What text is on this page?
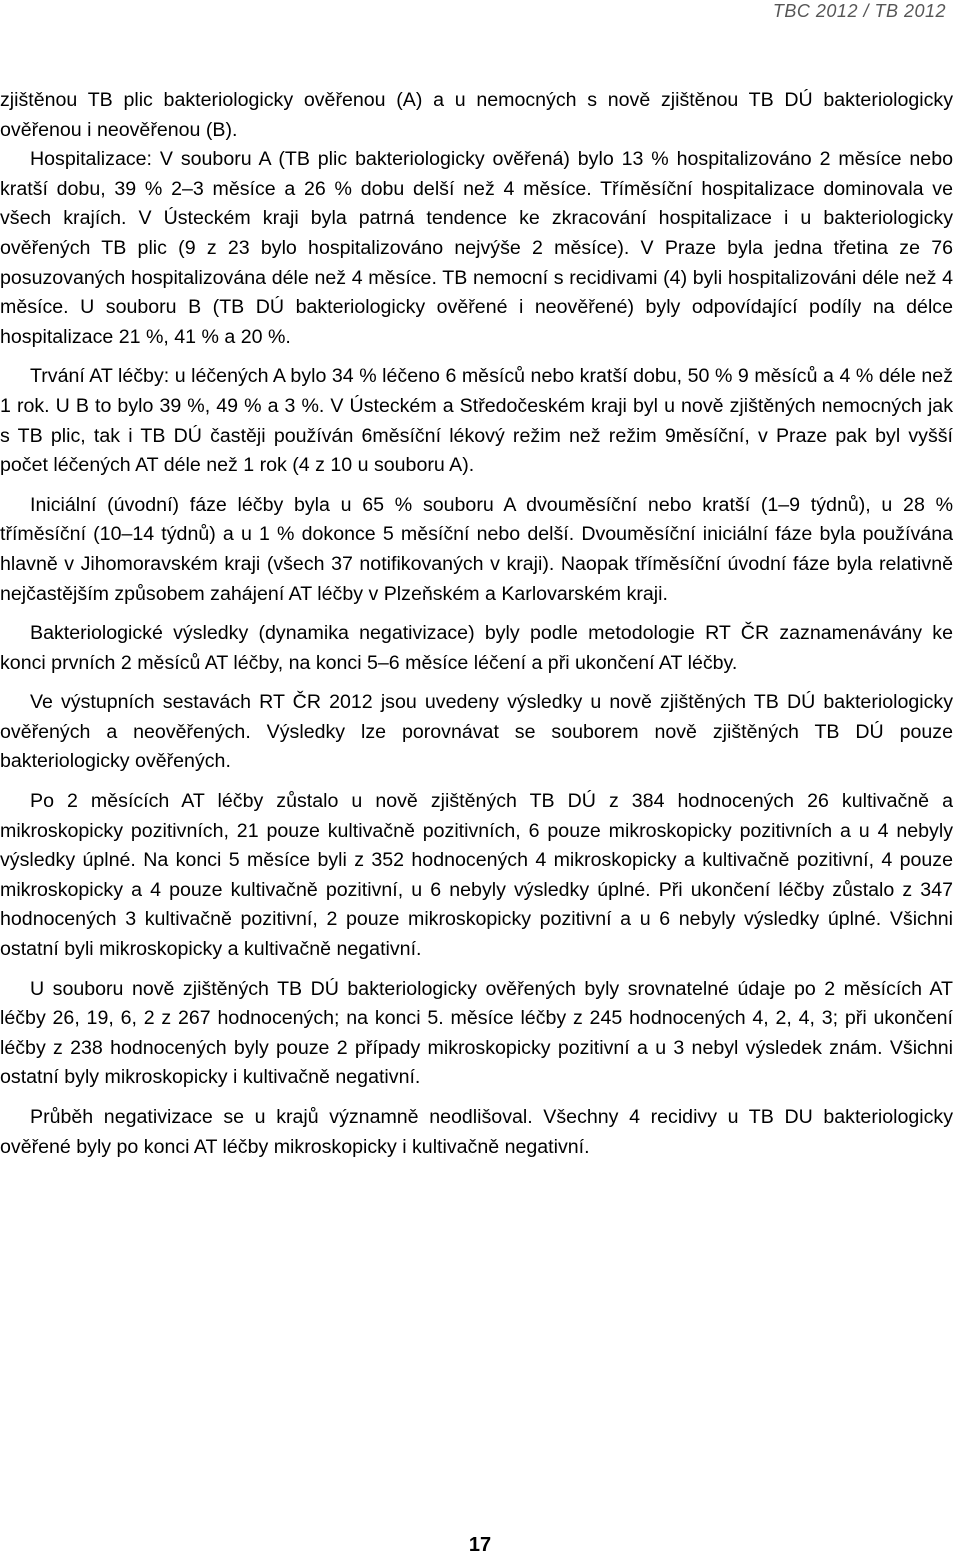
TBC 2012 / TB 2012

zjištěnou TB plic bakteriologicky ověřenou (A) a u nemocných s nově zjištěnou TB DÚ bakteriologicky ověřenou i neověřenou (B).

Hospitalizace: V souboru A (TB plic bakteriologicky ověřená) bylo 13 % hospitalizováno 2 měsíce nebo kratší dobu, 39 % 2–3 měsíce a 26 % dobu delší než 4 měsíce. Tříměsíční hospitalizace dominovala ve všech krajích. V Ústeckém kraji byla patrná tendence ke zkracování hospitalizace i u bakteriologicky ověřených TB plic (9 z 23 bylo hospitalizováno nejvýše 2 měsíce). V Praze byla jedna třetina ze 76 posuzovaných hospitalizována déle než 4 měsíce. TB nemocní s recidivami (4) byli hospitalizováni déle než 4 měsíce. U souboru B (TB DÚ bakteriologicky ověřené i neověřené) byly odpovídající podíly na délce hospitalizace 21 %, 41 % a 20 %.

Trvání AT léčby: u léčených A bylo 34 % léčeno 6 měsíců nebo kratší dobu, 50 % 9 měsíců a 4 % déle než 1 rok. U B to bylo 39 %, 49 % a 3 %. V Ústeckém a Středočeském kraji byl u nově zjištěných nemocných jak s TB plic, tak i TB DÚ častěji používán 6měsíční lékový režim než režim 9měsíční, v Praze pak byl vyšší počet léčených AT déle než 1 rok (4 z 10 u souboru A).

Iniciální (úvodní) fáze léčby byla u 65 % souboru A dvouměsíční nebo kratší (1–9 týdnů), u 28 % tříměsíční (10–14 týdnů) a u 1 % dokonce 5 měsíční nebo delší. Dvouměsíční iniciální fáze byla používána hlavně v Jihomoravském kraji (všech 37 notifikovaných v kraji). Naopak tříměsíční úvodní fáze byla relativně nejčastějším způsobem zahájení AT léčby v Plzeňském a Karlovarském kraji.

Bakteriologické výsledky (dynamika negativizace) byly podle metodologie RT ČR zaznamenávány ke konci prvních 2 měsíců AT léčby, na konci 5–6 měsíce léčení a při ukončení AT léčby.

Ve výstupních sestavách RT ČR 2012 jsou uvedeny výsledky u nově zjištěných TB DÚ bakteriologicky ověřených a neověřených. Výsledky lze porovnávat se souborem nově zjištěných TB DÚ pouze bakteriologicky ověřených.

Po 2 měsících AT léčby zůstalo u nově zjištěných TB DÚ z 384 hodnocených 26 kultivačně a mikroskopicky pozitivních, 21 pouze kultivačně pozitivních, 6 pouze mikroskopicky pozitivních a u 4 nebyly výsledky úplné. Na konci 5 měsíce byli z 352 hodnocených 4 mikroskopicky a kultivačně pozitivní, 4 pouze mikroskopicky a 4 pouze kultivačně pozitivní, u 6 nebyly výsledky úplné. Při ukončení léčby zůstalo z 347 hodnocených 3 kultivačně pozitivní, 2 pouze mikroskopicky pozitivní a u 6 nebyly výsledky úplné. Všichni ostatní byli mikroskopicky a kultivačně negativní.

U souboru nově zjištěných TB DÚ bakteriologicky ověřených byly srovnatelné údaje po 2 měsících AT léčby 26, 19, 6, 2 z 267 hodnocených; na konci 5. měsíce léčby z 245 hodnocených 4, 2, 4, 3; při ukončení léčby z 238 hodnocených byly pouze 2 případy mikroskopicky pozitivní a u 3 nebyl výsledek znám. Všichni ostatní byly mikroskopicky i kultivačně negativní.

Průběh negativizace se u krajů významně neodlišoval. Všechny 4 recidivy u TB DU bakteriologicky ověřené byly po konci AT léčby mikroskopicky i kultivačně negativní.

17
